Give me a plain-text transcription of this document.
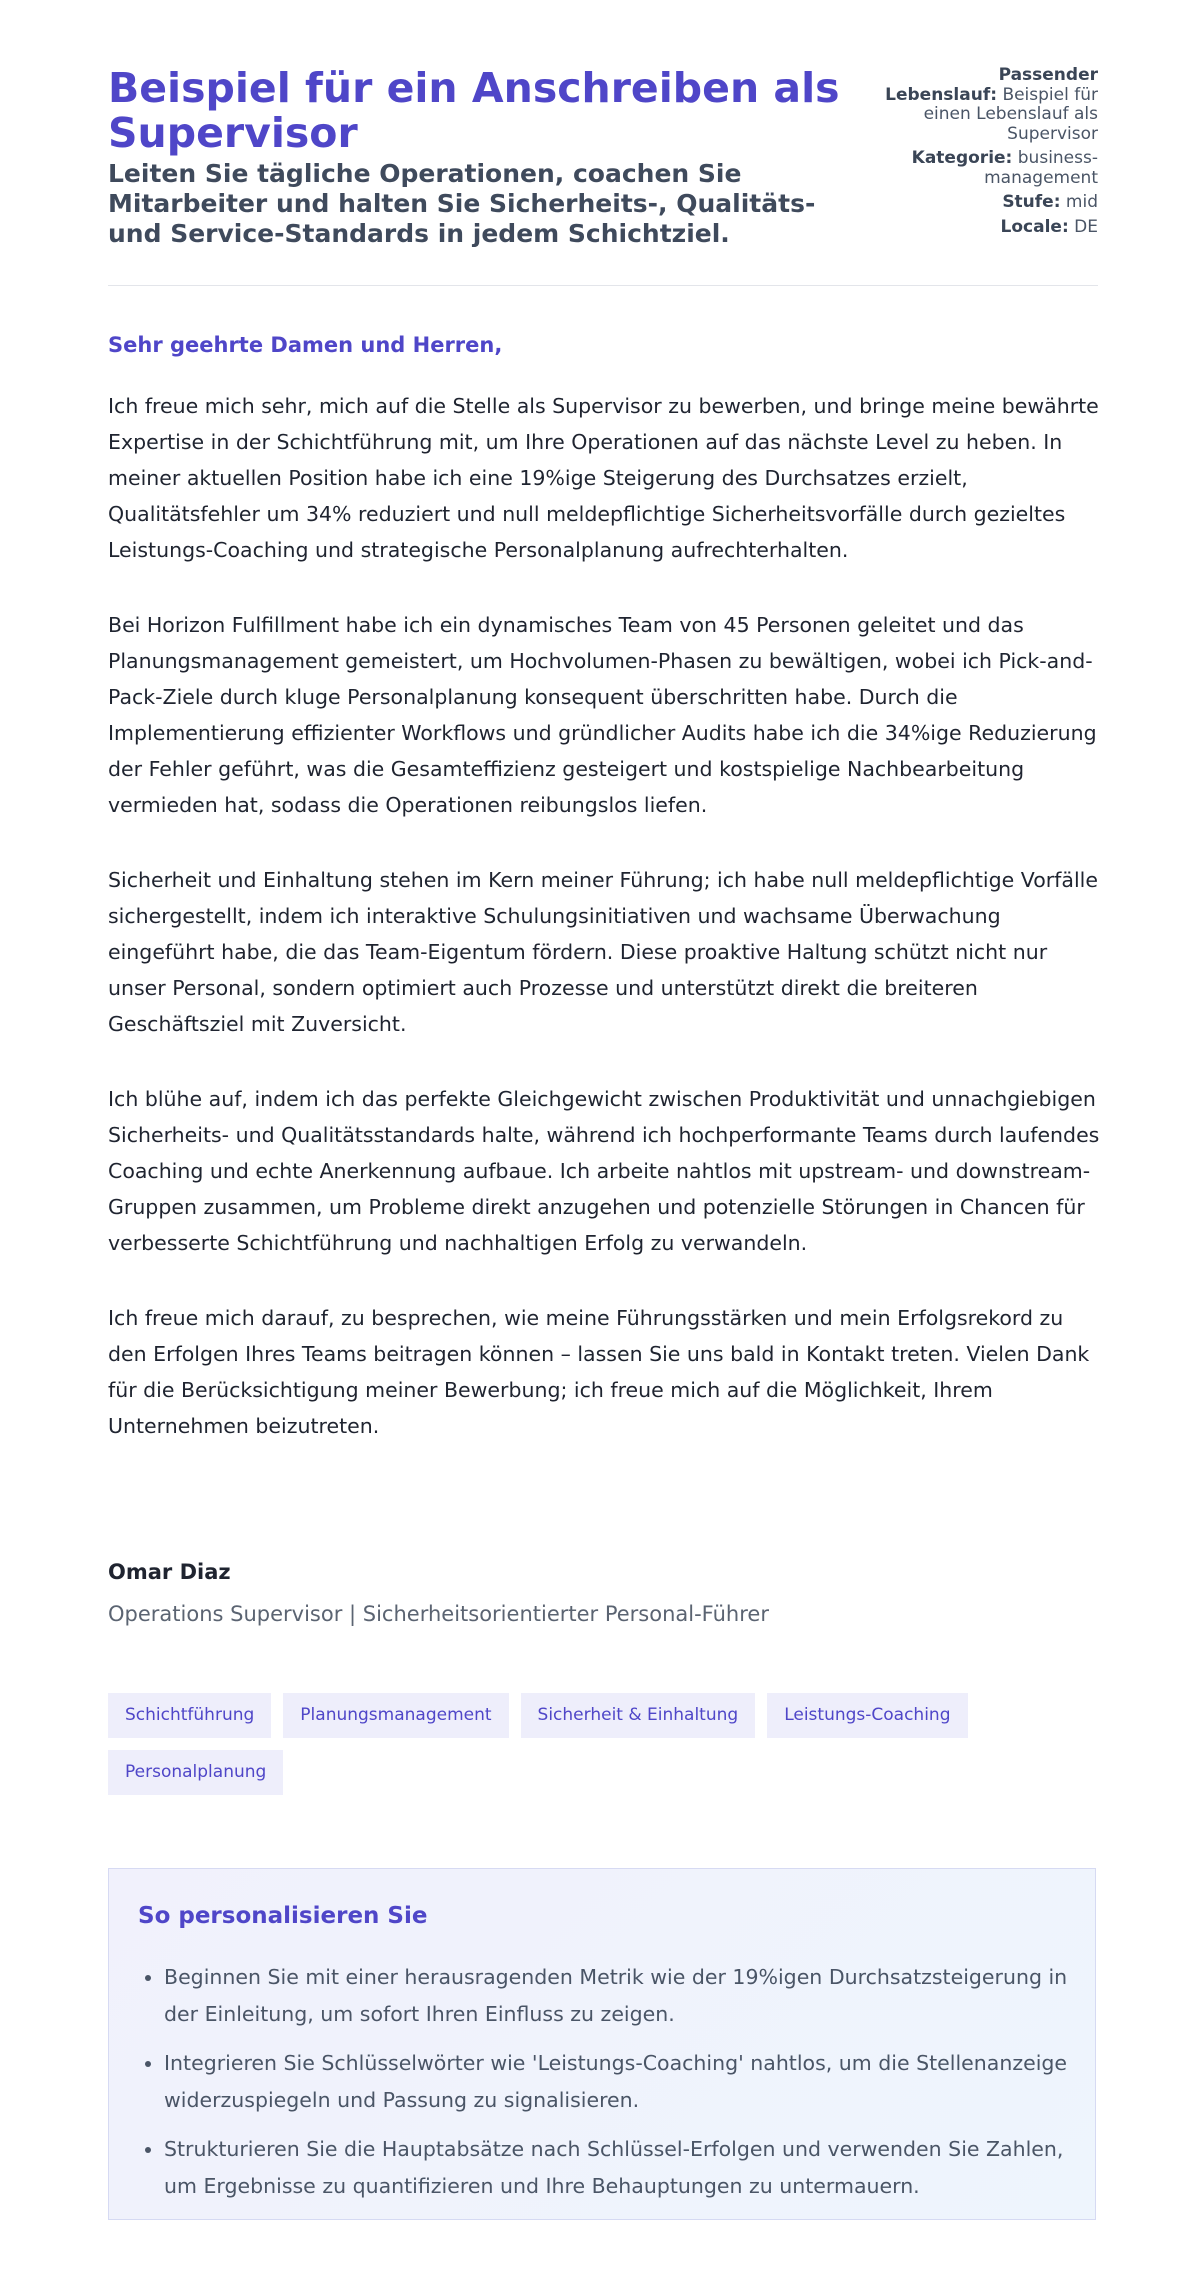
Beispiel für ein Anschreiben als Supervisor
Leiten Sie tägliche Operationen, coachen Sie Mitarbeiter und halten Sie Sicherheits-, Qualitäts- und Service-Standards in jedem Schichtziel.
Passender
Lebenslauf: Beispiel für einen Lebenslauf als Supervisor
Kategorie: business-management
Stufe: mid
Locale: DE

Sehr geehrte Damen und Herren,

Ich freue mich sehr, mich auf die Stelle als Supervisor zu bewerben, und bringe meine bewährte Expertise in der Schichtführung mit, um Ihre Operationen auf das nächste Level zu heben. In meiner aktuellen Position habe ich eine 19%ige Steigerung des Durchsatzes erzielt, Qualitätsfehler um 34% reduziert und null meldepflichtige Sicherheitsvorfälle durch gezieltes Leistungs-Coaching und strategische Personalplanung aufrechterhalten.

Bei Horizon Fulfillment habe ich ein dynamisches Team von 45 Personen geleitet und das Planungsmanagement gemeistert, um Hochvolumen-Phasen zu bewältigen, wobei ich Pick-and-Pack-Ziele durch kluge Personalplanung konsequent überschritten habe. Durch die Implementierung effizienter Workflows und gründlicher Audits habe ich die 34%ige Reduzierung der Fehler geführt, was die Gesamteffizienz gesteigert und kostspielige Nachbearbeitung vermieden hat, sodass die Operationen reibungslos liefen.

Sicherheit und Einhaltung stehen im Kern meiner Führung; ich habe null meldepflichtige Vorfälle sichergestellt, indem ich interaktive Schulungsinitiativen und wachsame Überwachung eingeführt habe, die das Team-Eigentum fördern. Diese proaktive Haltung schützt nicht nur unser Personal, sondern optimiert auch Prozesse und unterstützt direkt die breiteren Geschäftsziel mit Zuversicht.

Ich blühe auf, indem ich das perfekte Gleichgewicht zwischen Produktivität und unnachgiebigen Sicherheits- und Qualitätsstandards halte, während ich hochperformante Teams durch laufendes Coaching und echte Anerkennung aufbaue. Ich arbeite nahtlos mit upstream- und downstream-Gruppen zusammen, um Probleme direkt anzugehen und potenzielle Störungen in Chancen für verbesserte Schichtführung und nachhaltigen Erfolg zu verwandeln.

Ich freue mich darauf, zu besprechen, wie meine Führungsstärken und mein Erfolgsrekord zu den Erfolgen Ihres Teams beitragen können – lassen Sie uns bald in Kontakt treten. Vielen Dank für die Berücksichtigung meiner Bewerbung; ich freue mich auf die Möglichkeit, Ihrem Unternehmen beizutreten.

Omar Diaz

Operations Supervisor | Sicherheitsorientierter Personal-Führer

Schichtführung	Planungsmanagement	Sicherheit & Einhaltung	Leistungs-Coaching
Personalplanung
So personalisieren Sie
• Beginnen Sie mit einer herausragenden Metrik wie der 19%igen Durchsatzsteigerung in der Einleitung, um sofort Ihren Einfluss zu zeigen.
• Integrieren Sie Schlüsselwörter wie 'Leistungs-Coaching' nahtlos, um die Stellenanzeige widerzuspiegeln und Passung zu signalisieren.
• Strukturieren Sie die Hauptabsätze nach Schlüssel-Erfolgen und verwenden Sie Zahlen, um Ergebnisse zu quantifizieren und Ihre Behauptungen zu untermauern.
